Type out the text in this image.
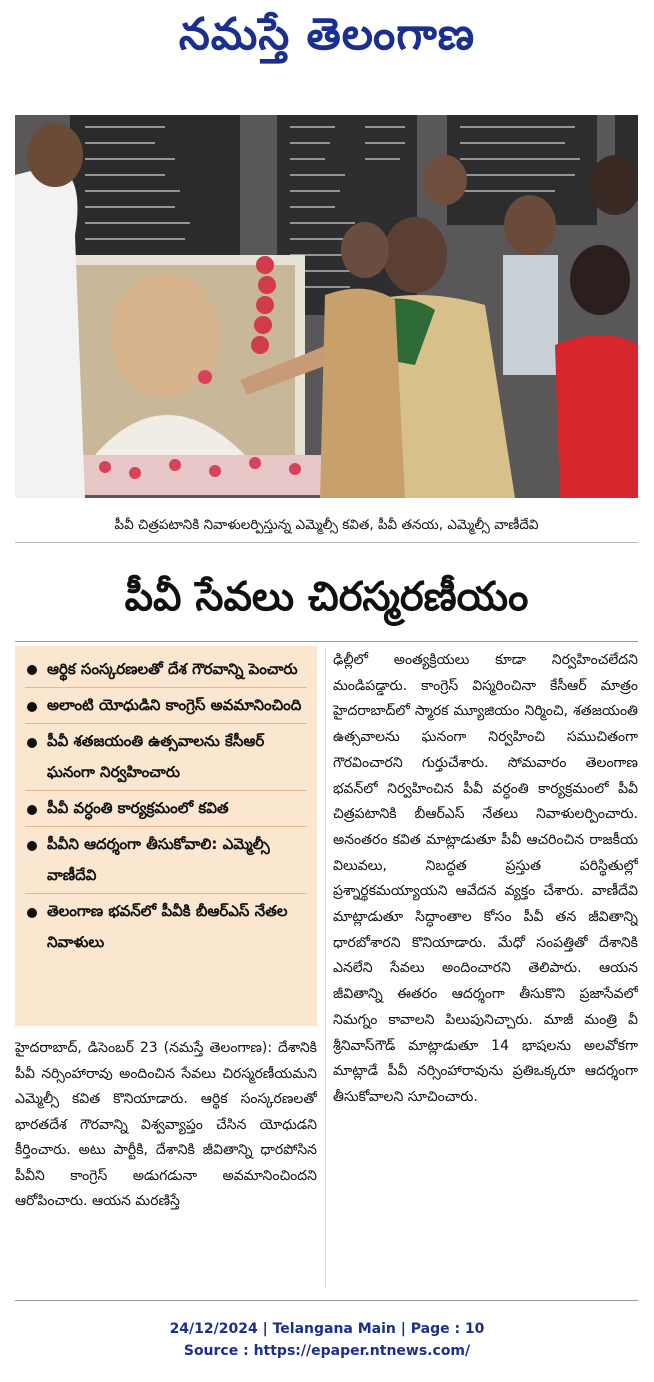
నమస్తే తెలంగాణ
పీవీ చిత్రపటానికి నివాళులర్పిస్తున్న ఎమ్మెల్సీ కవిత, పీవీ తనయ, ఎమ్మెల్సీ వాణీదేవి
పీవీ సేవలు చిరస్మరణీయం
ఆర్థిక సంస్కరణలతో దేశ గౌరవాన్ని పెంచారు
అలాంటి యోధుడిని కాంగ్రెస్ అవమానించింది
పీవీ శతజయంతి ఉత్సవాలను కేసీఆర్ ఘనంగా నిర్వహించారు
పీవీ వర్ధంతి కార్యక్రమంలో కవిత
పీవీని ఆదర్శంగా తీసుకోవాలి: ఎమ్మెల్సీ వాణీదేవి
తెలంగాణ భవన్‌లో పీవీకి బీఆర్ఎస్ నేతల నివాళులు
హైదరాబాద్, డిసెంబర్ 23 (నమస్తే తెలంగాణ): దేశానికి పీవీ నర్సింహారావు అందించిన సేవలు చిరస్మరణీయమని ఎమ్మెల్సీ కవిత కొనియాడారు. ఆర్థిక సంస్కరణలతో భారతదేశ గౌరవాన్ని విశ్వవ్యాప్తం చేసిన యోధుడని కీర్తించారు. అటు పార్టీకి, దేశానికి జీవితాన్ని ధారపోసిన పీవీని కాంగ్రెస్ అడుగడునా అవమానించిందని ఆరోపించారు. ఆయన మరణిస్తే
ఢిల్లీలో అంత్యక్రియలు కూడా నిర్వహించలేదని మండిపడ్డారు. కాంగ్రెస్ విస్మరించినా కేసీఆర్ మాత్రం హైదరాబాద్‌లో స్మారక మ్యూజియం నిర్మించి, శతజయంతి ఉత్సవాలను ఘనంగా నిర్వహించి సముచితంగా గౌరవించారని గుర్తుచేశారు. సోమవారం తెలంగాణ భవన్‌లో నిర్వహించిన పీవీ వర్ధంతి కార్యక్రమంలో పీవీ చిత్రపటానికి బీఆర్ఎస్ నేతలు నివాళులర్పించారు. అనంతరం కవిత మాట్లాడుతూ పీవీ ఆచరించిన రాజకీయ విలువలు, నిబద్ధత ప్రస్తుత పరిస్థితుల్లో ప్రశ్నార్థకమయ్యాయని ఆవేదన వ్యక్తం చేశారు. వాణీదేవి మాట్లాడుతూ సిద్ధాంతాల కోసం పీవీ తన జీవితాన్ని ధారబోశారని కొనియాడారు. మేధో సంపత్తితో దేశానికి ఎనలేని సేవలు అందించారని తెలిపారు. ఆయన జీవితాన్ని ఈతరం ఆదర్శంగా తీసుకొని ప్రజాసేవలో నిమగ్నం కావాలని పిలుపునిచ్చారు. మాజీ మంత్రి వీ శ్రీనివాస్‌గౌడ్ మాట్లాడుతూ 14 భాషలను అలవోకగా మాట్లాడే పీవీ నర్సింహారావును ప్రతిఒక్కరూ ఆదర్శంగా తీసుకోవాలని సూచించారు.
24/12/2024 | Telangana Main | Page : 10
Source : https://epaper.ntnews.com/
